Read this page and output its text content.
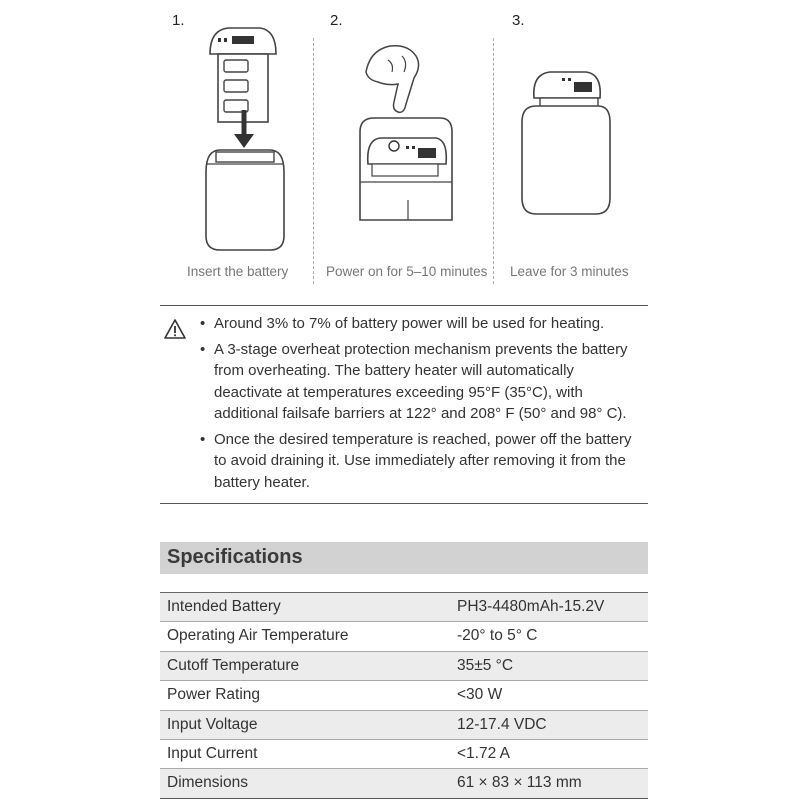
1.
Insert the battery
2.
Power on for 5–10 minutes
3.
Leave for 3 minutes
• Around 3% to 7% of battery power will be used for heating.
• A 3-stage overheat protection mechanism prevents the battery from overheating. The battery heater will automatically deactivate at temperatures exceeding 95°F (35°C), with additional failsafe barriers at 122° and 208° F (50° and 98° C).
• Once the desired temperature is reached, power off the battery to avoid draining it. Use immediately after removing it from the battery heater.
Specifications
Intended Battery	PH3-4480mAh-15.2V
Operating Air Temperature	-20° to 5° C
Cutoff Temperature	35±5 °C
Power Rating	<30 W
Input Voltage	12-17.4 VDC
Input Current	<1.72 A
Dimensions	61 × 83 × 113 mm
